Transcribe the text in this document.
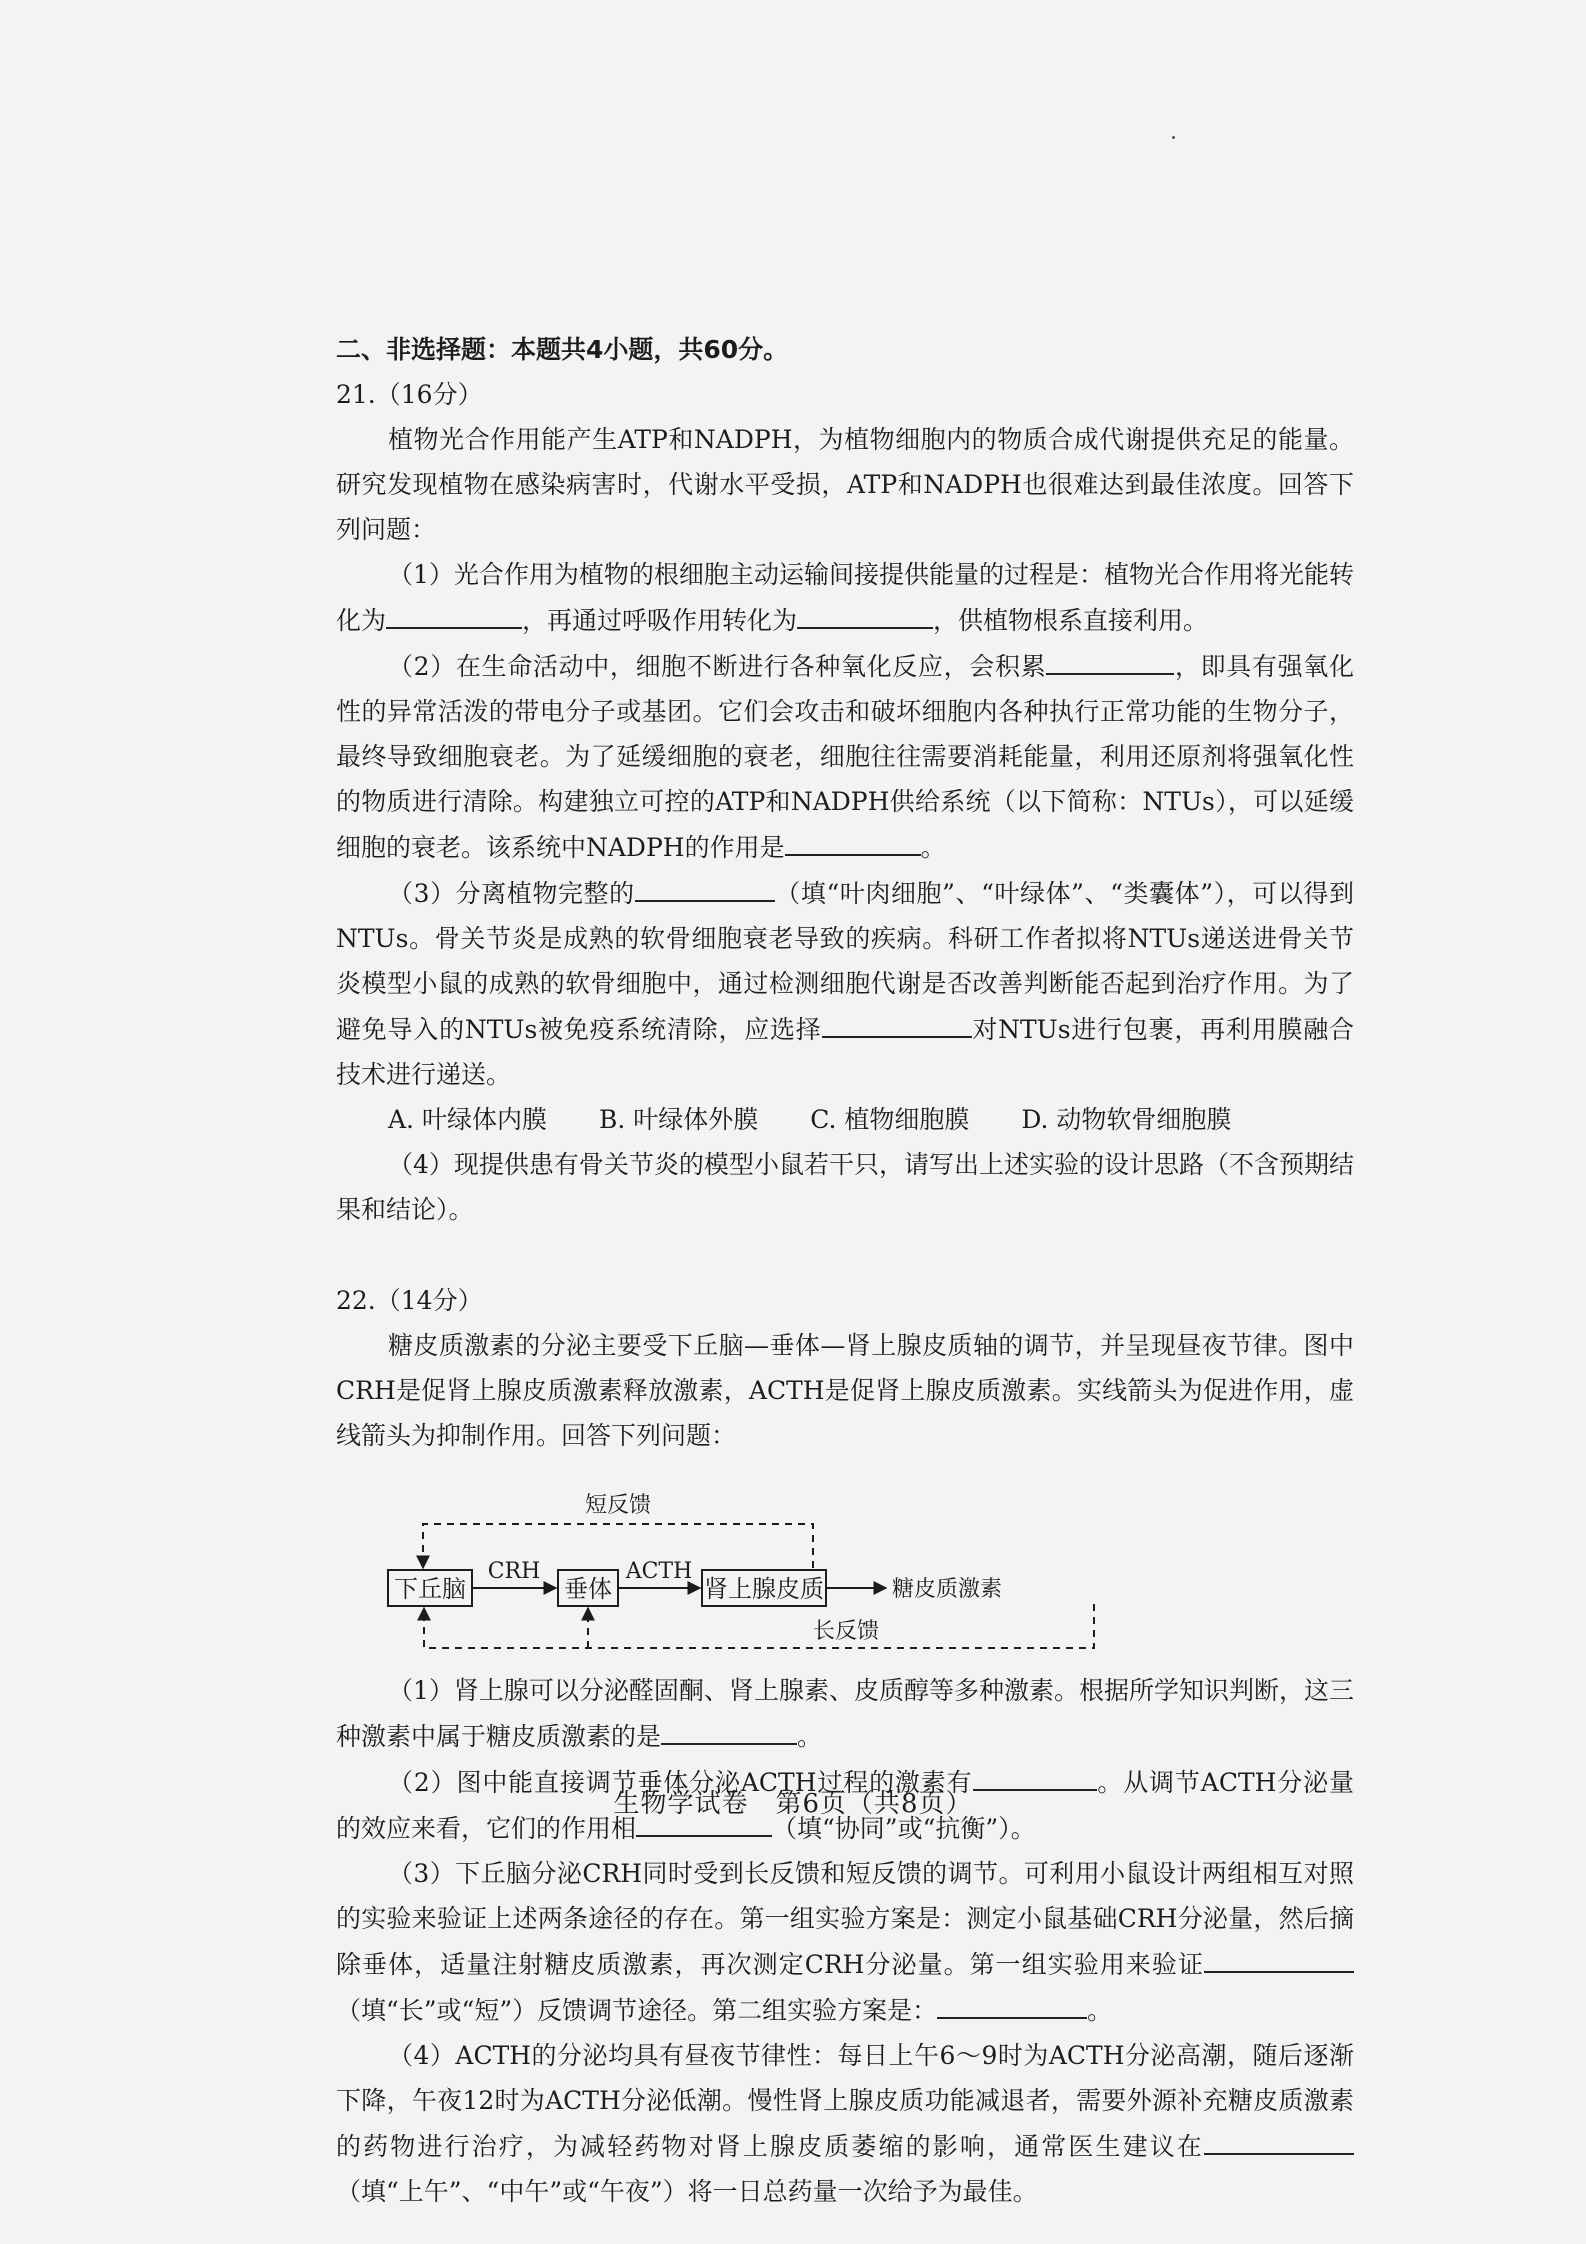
二、非选择题：本题共4小题，共60分。

21.（16分）

植物光合作用能产生ATP和NADPH，为植物细胞内的物质合成代谢提供充足的能量。研究发现植物在感染病害时，代谢水平受损，ATP和NADPH也很难达到最佳浓度。回答下列问题：

（1）光合作用为植物的根细胞主动运输间接提供能量的过程是：植物光合作用将光能转化为	，再通过呼吸作用转化为	，供植物根系直接利用。

（2）在生命活动中，细胞不断进行各种氧化反应，会积累	，即具有强氧化性的异常活泼的带电分子或基团。它们会攻击和破坏细胞内各种执行正常功能的生物分子，最终导致细胞衰老。为了延缓细胞的衰老，细胞往往需要消耗能量，利用还原剂将强氧化性的物质进行清除。构建独立可控的ATP和NADPH供给系统（以下简称：NTUs），可以延缓细胞的衰老。该系统中NADPH的作用是	。

（3）分离植物完整的	（填“叶肉细胞”、“叶绿体”、“类囊体”），可以得到NTUs。骨关节炎是成熟的软骨细胞衰老导致的疾病。科研工作者拟将NTUs递送进骨关节炎模型小鼠的成熟的软骨细胞中，通过检测细胞代谢是否改善判断能否起到治疗作用。为了避免导入的NTUs被免疫系统清除，应选择	对NTUs进行包裹，再利用膜融合技术进行递送。

A. 叶绿体内膜 B. 叶绿体外膜 C. 植物细胞膜 D. 动物软骨细胞膜

（4）现提供患有骨关节炎的模型小鼠若干只，请写出上述实验的设计思路（不含预期结果和结论）。

22.（14分）

糖皮质激素的分泌主要受下丘脑—垂体—肾上腺皮质轴的调节，并呈现昼夜节律。图中CRH是促肾上腺皮质激素释放激素，ACTH是促肾上腺皮质激素。实线箭头为促进作用，虚线箭头为抑制作用。回答下列问题：

短反馈
下丘脑	垂体	肾上腺皮质
CRH	ACTH
糖皮质激素
长反馈

（1）肾上腺可以分泌醛固酮、肾上腺素、皮质醇等多种激素。根据所学知识判断，这三种激素中属于糖皮质激素的是	。

（2）图中能直接调节垂体分泌ACTH过程的激素有	。从调节ACTH分泌量的效应来看，它们的作用相	（填“协同”或“抗衡”）。

（3）下丘脑分泌CRH同时受到长反馈和短反馈的调节。可利用小鼠设计两组相互对照的实验来验证上述两条途径的存在。第一组实验方案是：测定小鼠基础CRH分泌量，然后摘除垂体，适量注射糖皮质激素，再次测定CRH分泌量。第一组实验用来验证（填“长”或“短”）反馈调节途径。第二组实验方案是：	。

（4）ACTH的分泌均具有昼夜节律性：每日上午6～9时为ACTH分泌高潮，随后逐渐下降，午夜12时为ACTH分泌低潮。慢性肾上腺皮质功能减退者，需要外源补充糖皮质激素的药物进行治疗，为减轻药物对肾上腺皮质萎缩的影响，通常医生建议在（填“上午”、“中午”或“午夜”）将一日总药量一次给予为最佳。

生物学试卷　第6页（共8页）
